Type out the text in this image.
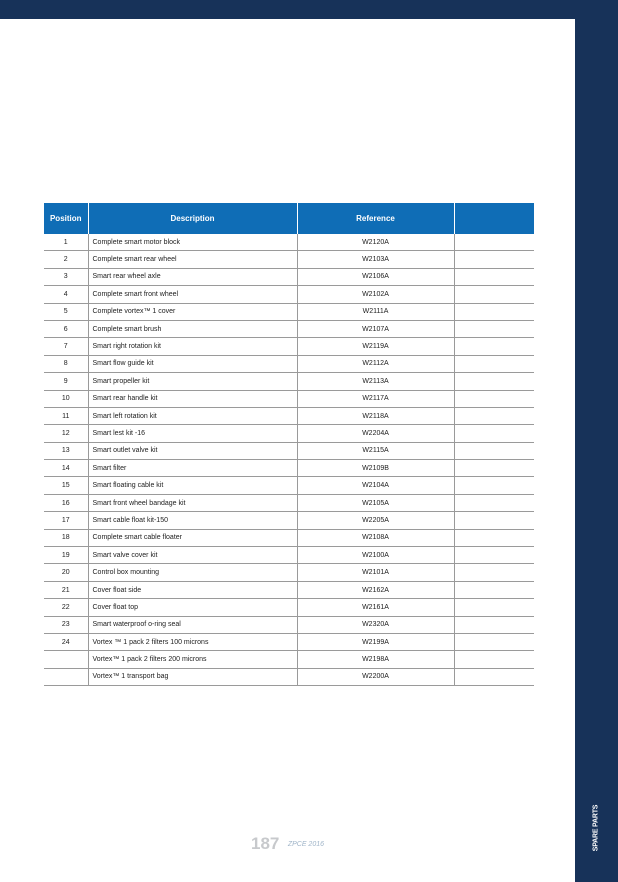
SPARE PARTS
Position	Description	Reference	
1	Complete smart motor block	W2120A	
2	Complete smart rear wheel	W2103A	
3	Smart rear wheel axle	W2106A	
4	Complete smart front wheel	W2102A	
5	Complete vortex™ 1 cover	W2111A	
6	Complete smart brush	W2107A	
7	Smart right rotation kit	W2119A	
8	Smart flow guide kit	W2112A	
9	Smart propeller kit	W2113A	
10	Smart rear handle kit	W2117A	
11	Smart left rotation kit	W2118A	
12	Smart lest kit -16	W2204A	
13	Smart outlet valve kit	W2115A	
14	Smart filter	W2109B	
15	Smart floating cable kit	W2104A	
16	Smart front wheel bandage kit	W2105A	
17	Smart cable float kit-150	W2205A	
18	Complete smart cable floater	W2108A	
19	Smart valve cover kit	W2100A	
20	Control box mounting	W2101A	
21	Cover float side	W2162A	
22	Cover float top	W2161A	
23	Smart waterproof o-ring seal	W2320A	
24	Vortex ™ 1 pack 2 filters 100 microns	W2199A	
	Vortex™ 1 pack 2 filters 200 microns	W2198A	
	Vortex™ 1 transport bag	W2200A	
187 ZPCE 2016
